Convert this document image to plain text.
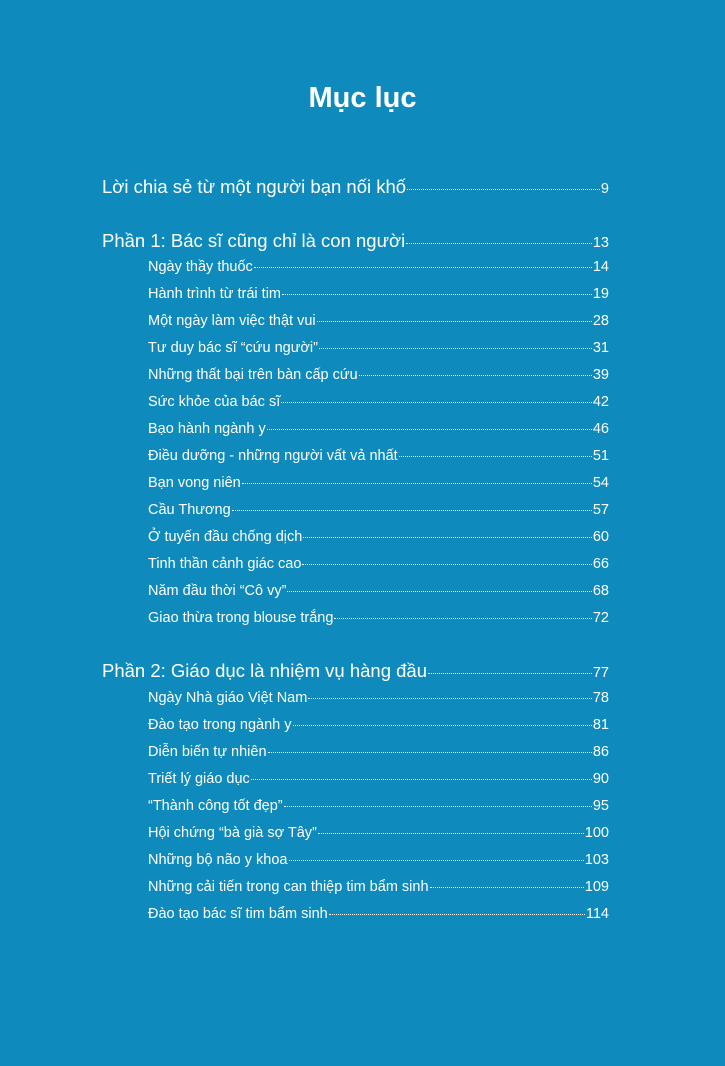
Mục lục
Lời chia sẻ từ một người bạn nối khố	9
Phần 1: Bác sĩ cũng chỉ là con người	13
Ngày thầy thuốc	14
Hành trình từ trái tim	19
Một ngày làm việc thật vui	28
Tư duy bác sĩ “cứu người”	31
Những thất bại trên bàn cấp cứu	39
Sức khỏe của bác sĩ	42
Bạo hành ngành y	46
Điều dưỡng - những người vất vả nhất	51
Bạn vong niên	54
Cầu Thương	57
Ở tuyến đầu chống dịch	60
Tinh thần cảnh giác cao	66
Năm đầu thời “Cô vy”	68
Giao thừa trong blouse trắng	72
Phần 2: Giáo dục là nhiệm vụ hàng đầu	77
Ngày Nhà giáo Việt Nam	78
Đào tạo trong ngành y	81
Diễn biến tự nhiên	86
Triết lý giáo dục	90
“Thành công tốt đẹp”	95
Hội chứng “bà già sợ Tây”	100
Những bộ não y khoa	103
Những cải tiến trong can thiệp tim bẩm sinh	109
Đào tạo bác sĩ tim bẩm sinh	114
